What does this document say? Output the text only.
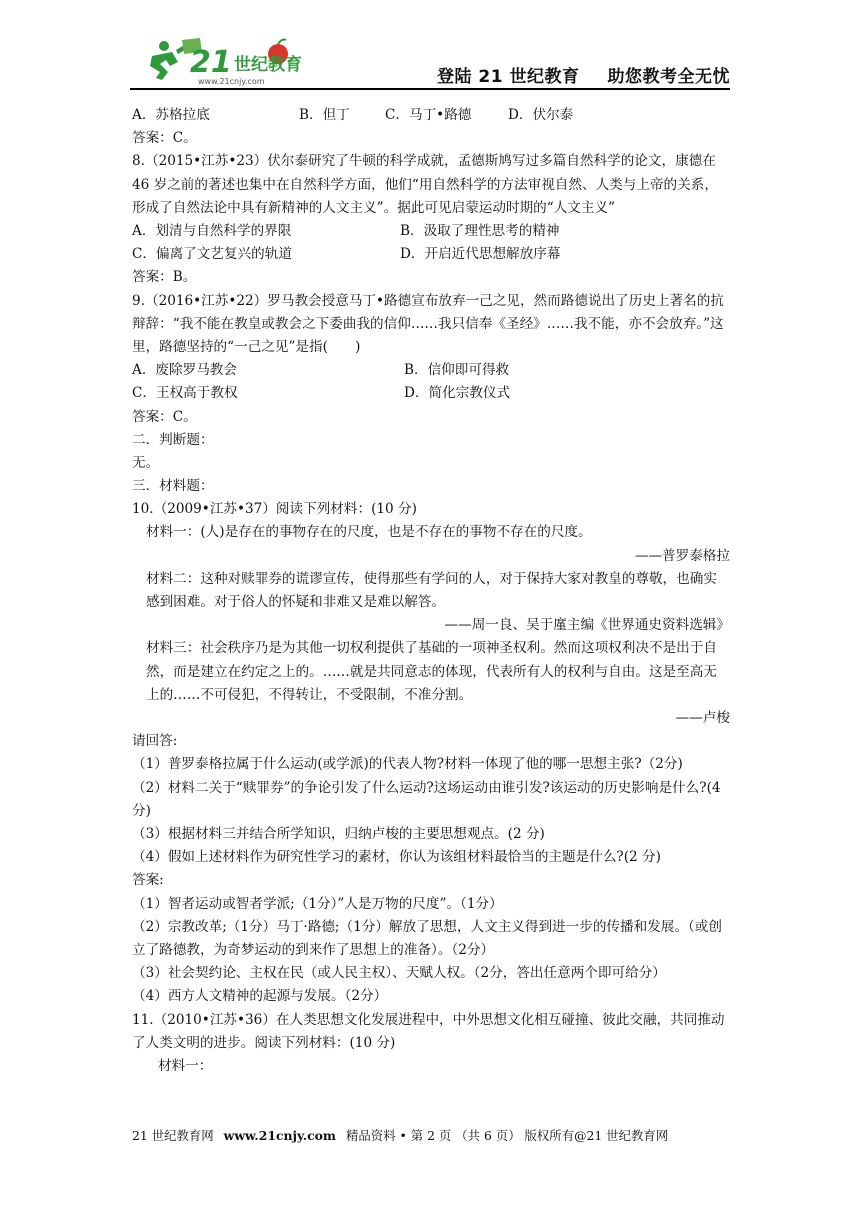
21 世纪教育
www.21cnjy.com	登陆 21 世纪教育 助您教考全无忧
A．苏格拉底	B．但丁	C．马丁•路德	D．伏尔泰
答案：C。
8.（2015•江苏•23）伏尔泰研究了牛顿的科学成就，孟德斯鸠写过多篇自然科学的论文，康德在 46 岁之前的著述也集中在自然科学方面，他们“用自然科学的方法审视自然、人类与上帝的关系，形成了自然法论中具有新精神的人文主义”。据此可见启蒙运动时期的“人文主义”
A．划清与自然科学的界限	B．汲取了理性思考的精神
C．偏离了文艺复兴的轨道	D．开启近代思想解放序幕
答案：B。
9.（2016•江苏•22）罗马教会授意马丁•路德宣布放弃一己之见，然而路德说出了历史上著名的抗辩辞：“我不能在教皇或教会之下委曲我的信仰……我只信奉《圣经》……我不能，亦不会放弃。”这里，路德坚持的“一己之见”是指(　　)
A．废除罗马教会	B．信仰即可得救
C．王权高于教权	D．简化宗教仪式
答案：C。
二．判断题：
无。
三．材料题：
10.（2009•江苏•37）阅读下列材料：(10 分)
材料一：(人)是存在的事物存在的尺度，也是不存在的事物不存在的尺度。
——普罗泰格拉
材料二：这种对赎罪券的谎谬宣传，使得那些有学问的人，对于保持大家对教皇的尊敬，也确实感到困难。对于俗人的怀疑和非难又是难以解答。
——周一良、吴于廑主编《世界通史资料选辑》
材料三：社会秩序乃是为其他一切权利提供了基础的一项神圣权利。然而这项权利决不是出于自然，而是建立在约定之上的。……就是共同意志的体现，代表所有人的权利与自由。这是至高无上的……不可侵犯，不得转让，不受限制，不准分割。
——卢梭
请回答:
（1）普罗泰格拉属于什么运动(或学派)的代表人物?材料一体现了他的哪一思想主张?（2分)
（2）材料二关于“赎罪券”的争论引发了什么运动?这场运动由谁引发?该运动的历史影响是什么?(4 分)
（3）根据材料三并结合所学知识，归纳卢梭的主要思想观点。(2 分)
（4）假如上述材料作为研究性学习的素材，你认为该组材料最恰当的主题是什么?(2 分)
答案:
（1）智者运动或智者学派;（1分）”人是万物的尺度”。（1分）
（2）宗教改革;（1分）马丁·路德;（1分）解放了思想，人文主义得到进一步的传播和发展。（或创立了路德教，为奇梦运动的到来作了思想上的准备）。（2分）
（3）社会契约论、主权在民（或人民主权）、天赋人权。（2分，答出任意两个即可给分）
（4）西方人文精神的起源与发展。（2分）
11.（2010•江苏•36）在人类思想文化发展进程中，中外思想文化相互碰撞、彼此交融，共同推动了人类文明的进步。阅读下列材料：(10 分)
材料一：
21 世纪教育网 www.21cnjy.com 精品资料 • 第 2 页 （共 6 页） 版权所有@21 世纪教育网
